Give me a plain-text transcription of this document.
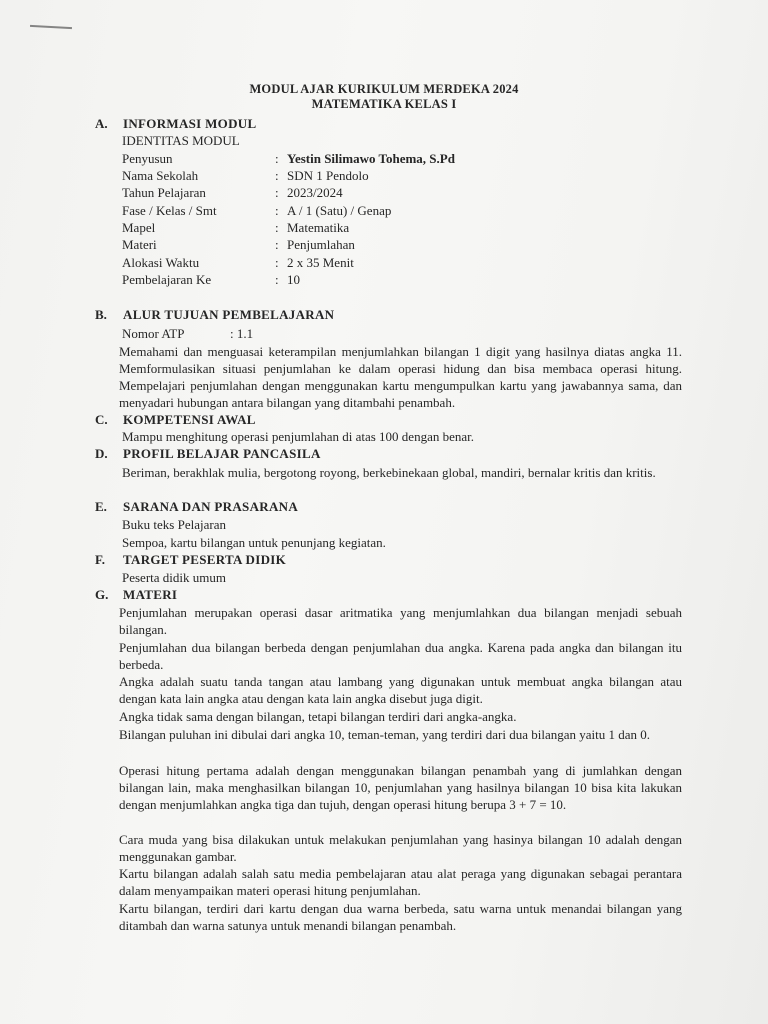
MODUL AJAR KURIKULUM MERDEKA 2024
MATEMATIKA KELAS I
A. INFORMASI MODUL
IDENTITAS MODUL
Penyusun	: Yestin Silimawo Tohema, S.Pd
Nama Sekolah	: SDN 1 Pendolo
Tahun Pelajaran	: 2023/2024
Fase / Kelas / Smt	: A / 1 (Satu) / Genap
Mapel	: Matematika
Materi	: Penjumlahan
Alokasi Waktu	: 2 x 35 Menit
Pembelajaran Ke	: 10
B. ALUR TUJUAN PEMBELAJARAN
Nomor ATP	: 1.1
Memahami dan menguasai keterampilan menjumlahkan bilangan 1 digit yang hasilnya diatas angka 11. Memformulasikan situasi penjumlahan ke dalam operasi hidung dan bisa membaca operasi hitung. Mempelajari penjumlahan dengan menggunakan kartu mengumpulkan kartu yang jawabannya sama, dan menyadari hubungan antara bilangan yang ditambahi penambah.
C. KOMPETENSI AWAL
Mampu menghitung operasi penjumlahan di atas 100 dengan benar.
D. PROFIL BELAJAR PANCASILA
Beriman, berakhlak mulia, bergotong royong, berkebinekaan global, mandiri, bernalar kritis dan kritis.
E. SARANA DAN PRASARANA
Buku teks Pelajaran
Sempoa, kartu bilangan untuk penunjang kegiatan.
F. TARGET PESERTA DIDIK
Peserta didik umum
G. MATERI
Penjumlahan merupakan operasi dasar aritmatika yang menjumlahkan dua bilangan menjadi sebuah bilangan.
Penjumlahan dua bilangan berbeda dengan penjumlahan dua angka. Karena pada angka dan bilangan itu berbeda.
Angka adalah suatu tanda tangan atau lambang yang digunakan untuk membuat angka bilangan atau dengan kata lain angka atau dengan kata lain angka disebut juga digit.
Angka tidak sama dengan bilangan, tetapi bilangan terdiri dari angka-angka.
Bilangan puluhan ini dibulai dari angka 10, teman-teman, yang terdiri dari dua bilangan yaitu 1 dan 0.
Operasi hitung pertama adalah dengan menggunakan bilangan penambah yang di jumlahkan dengan bilangan lain, maka menghasilkan bilangan 10, penjumlahan yang hasilnya bilangan 10 bisa kita lakukan dengan menjumlahkan angka tiga dan tujuh, dengan operasi hitung berupa 3 + 7 = 10.
Cara muda yang bisa dilakukan untuk melakukan penjumlahan yang hasinya bilangan 10 adalah dengan menggunakan gambar.
Kartu bilangan adalah salah satu media pembelajaran atau alat peraga yang digunakan sebagai perantara dalam menyampaikan materi operasi hitung penjumlahan.
Kartu bilangan, terdiri dari kartu dengan dua warna berbeda, satu warna untuk menandai bilangan yang ditambah dan warna satunya untuk menandi bilangan penambah.
